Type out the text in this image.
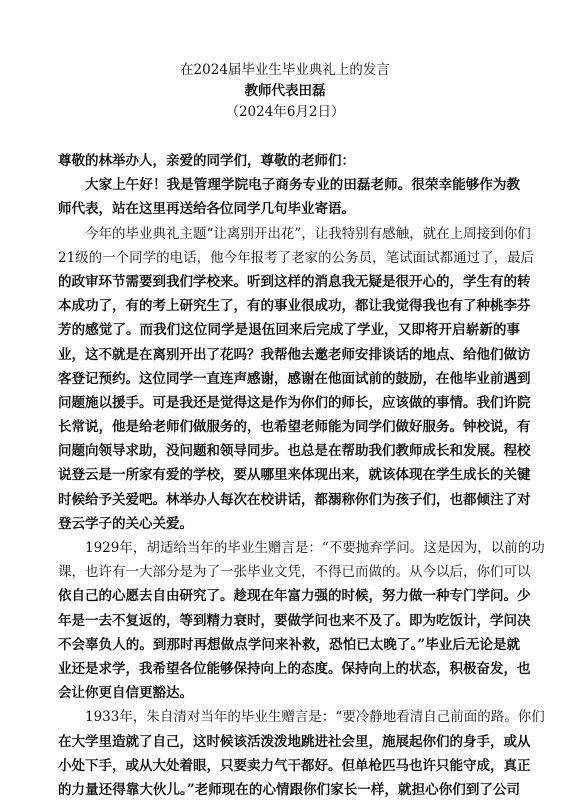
在2024届毕业生毕业典礼上的发言
教师代表田磊
（2024年6月2日）
尊敬的林举办人，亲爱的同学们，尊敬的老师们：
大家上午好！我是管理学院电子商务专业的田磊老师。很荣幸能够作为教
师代表，站在这里再送给各位同学几句毕业寄语。
今年的毕业典礼主题“让离别开出花”，让我特别有感触，就在上周接到你们
21级的一个同学的电话，他今年报考了老家的公务员，笔试面试都通过了，最后
的政审环节需要到我们学校来。听到这样的消息我无疑是很开心的，学生有的转
本成功了，有的考上研究生了，有的事业很成功，都让我觉得我也有了种桃李芬
芳的感觉了。而我们这位同学是退伍回来后完成了学业，又即将开启崭新的事
业，这不就是在离别开出了花吗？我帮他去邀老师安排谈话的地点、给他们做访
客登记预约。这位同学一直连声感谢，感谢在他面试前的鼓励，在他毕业前遇到
问题施以援手。可是我还是觉得这是作为你们的师长，应该做的事情。我们许院
长常说，他是给老师们做服务的，也希望老师能为同学们做好服务。钟校说，有
问题向领导求助，没问题和领导同步。也总是在帮助我们教师成长和发展。程校
说登云是一所家有爱的学校，要从哪里来体现出来，就该体现在学生成长的关键
时候给予关爱吧。林举办人每次在校讲话，都溺称你们为孩子们，也都倾注了对
登云学子的关心关爱。
1929年，胡适给当年的毕业生赠言是：“不要抛弃学问。这是因为，以前的功
课，也许有一大部分是为了一张毕业文凭，不得已而做的。从今以后，你们可以
依自己的心愿去自由研究了。趁现在年富力强的时候，努力做一种专门学问。少
年是一去不复返的，等到精力衰时，要做学问也来不及了。即为吃饭计，学问决
不会辜负人的。到那时再想做点学问来补救，恐怕已太晚了。”毕业后无论是就
业还是求学，我希望各位能够保持向上的态度。保持向上的状态，积极奋发，也
会让你更自信更豁达。
1933年，朱自清对当年的毕业生赠言是：“要冷静地看清自己前面的路。你们
在大学里造就了自己，这时候该活泼泼地跳进社会里，施展起你们的身手，或从
小处下手，或从大处着眼，只要卖力气干都好。但单枪匹马也许只能守成，真正
的力量还得靠大伙儿。”老师现在的心情跟你们家长一样，就担心你们到了公司
